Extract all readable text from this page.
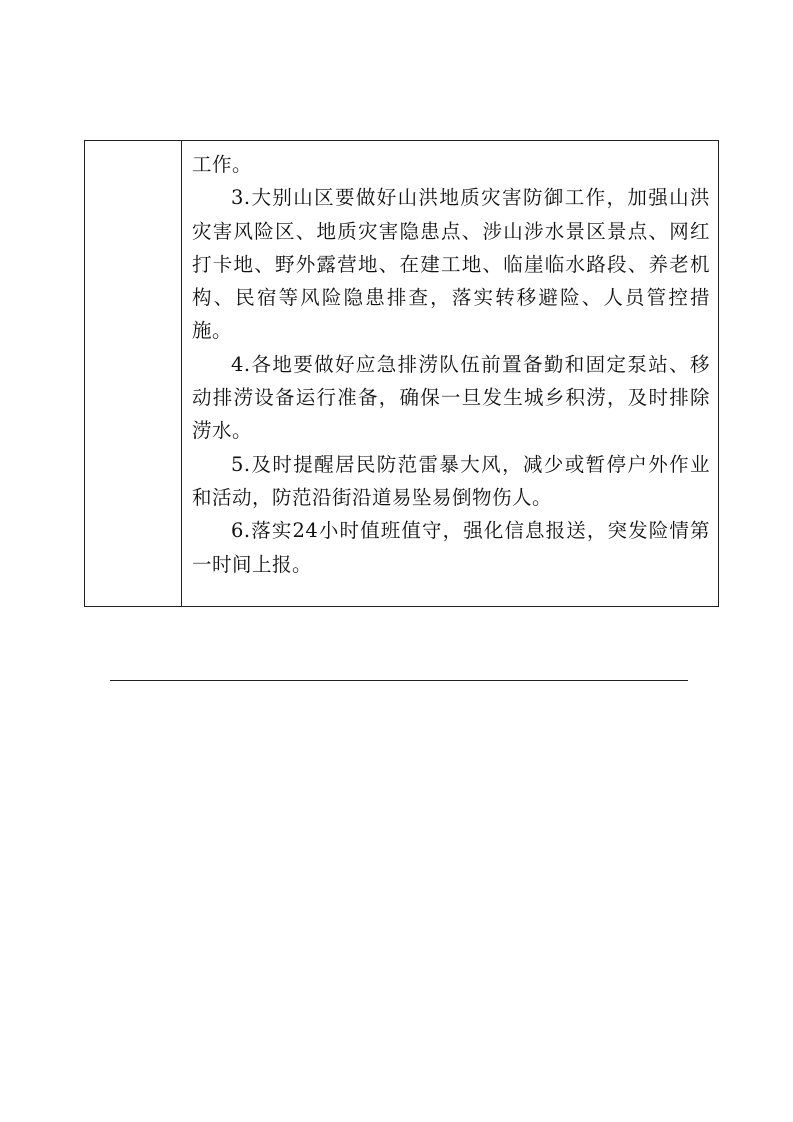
工作。

3.大别山区要做好山洪地质灾害防御工作，加强山洪灾害风险区、地质灾害隐患点、涉山涉水景区景点、网红打卡地、野外露营地、在建工地、临崖临水路段、养老机构、民宿等风险隐患排查，落实转移避险、人员管控措施。

4.各地要做好应急排涝队伍前置备勤和固定泵站、移动排涝设备运行准备，确保一旦发生城乡积涝，及时排除涝水。

5.及时提醒居民防范雷暴大风，减少或暂停户外作业和活动，防范沿街沿道易坠易倒物伤人。

6.落实24小时值班值守，强化信息报送，突发险情第一时间上报。
